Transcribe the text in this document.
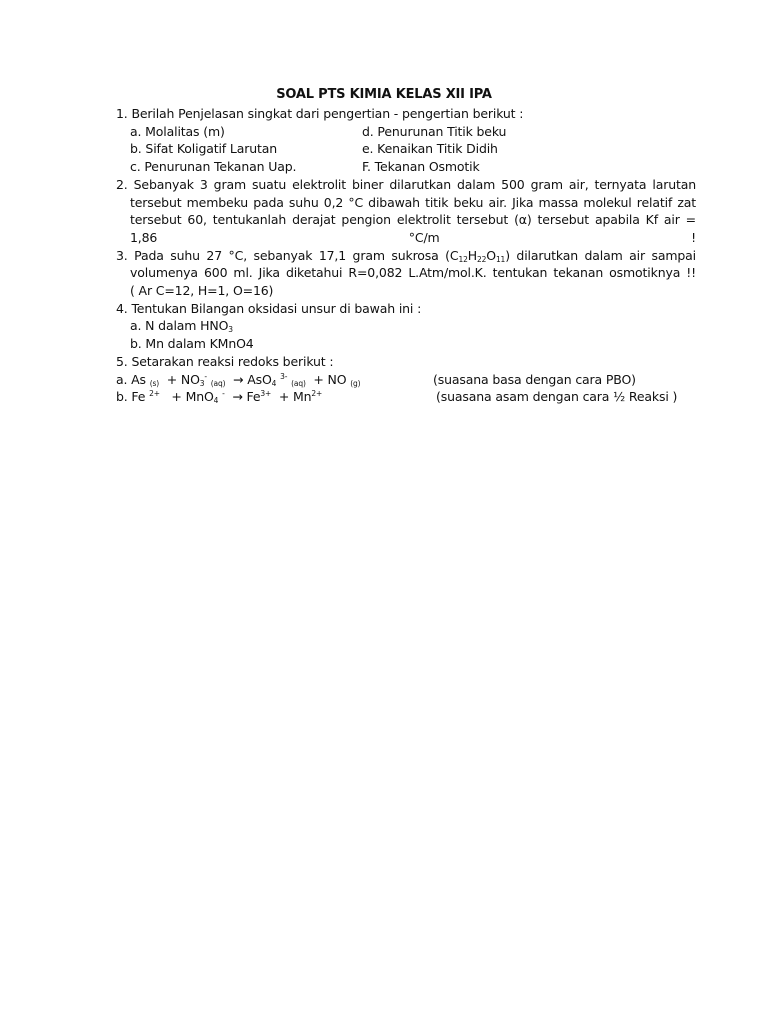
SOAL PTS KIMIA KELAS XII IPA
1. Berilah Penjelasan singkat dari pengertian - pengertian berikut :
a. Molalitas (m)	d. Penurunan Titik beku
b. Sifat Koligatif Larutan	e. Kenaikan Titik Didih
c. Penurunan Tekanan Uap.	F. Tekanan Osmotik
2. Sebanyak 3 gram suatu elektrolit biner dilarutkan dalam 500 gram air, ternyata larutan tersebut membeku pada suhu 0,2 °C dibawah titik beku air. Jika massa molekul relatif zat tersebut 60, tentukanlah derajat pengion elektrolit tersebut (α) tersebut apabila Kf air = 1,86 °C/m !
3. Pada suhu 27 °C, sebanyak 17,1 gram sukrosa $(C_{12}H_{22}O_{11})$ dilarutkan dalam air sampai volumenya 600 ml. Jika diketahui R=0,082 L.Atm/mol.K. tentukan tekanan osmotiknya !!
( Ar C=12, H=1, O=16)
4. Tentukan Bilangan oksidasi unsur di bawah ini :
a. N dalam $HNO_3$
b. Mn dalam KMnO4
5. Setarakan reaksi redoks berikut :
a. As $_{(s)} + NO_3^-$ $_{(aq)}$ → AsO$_4$ $^{3-}$ $_{(aq)}$ + NO $_{(g)}$	(suasana basa dengan cara PBO)
b. Fe $^{2+}$ + MnO$_4$ $^- \to Fe^{3+} + Mn^{2+}$	(suasana asam dengan cara ½ Reaksi )
